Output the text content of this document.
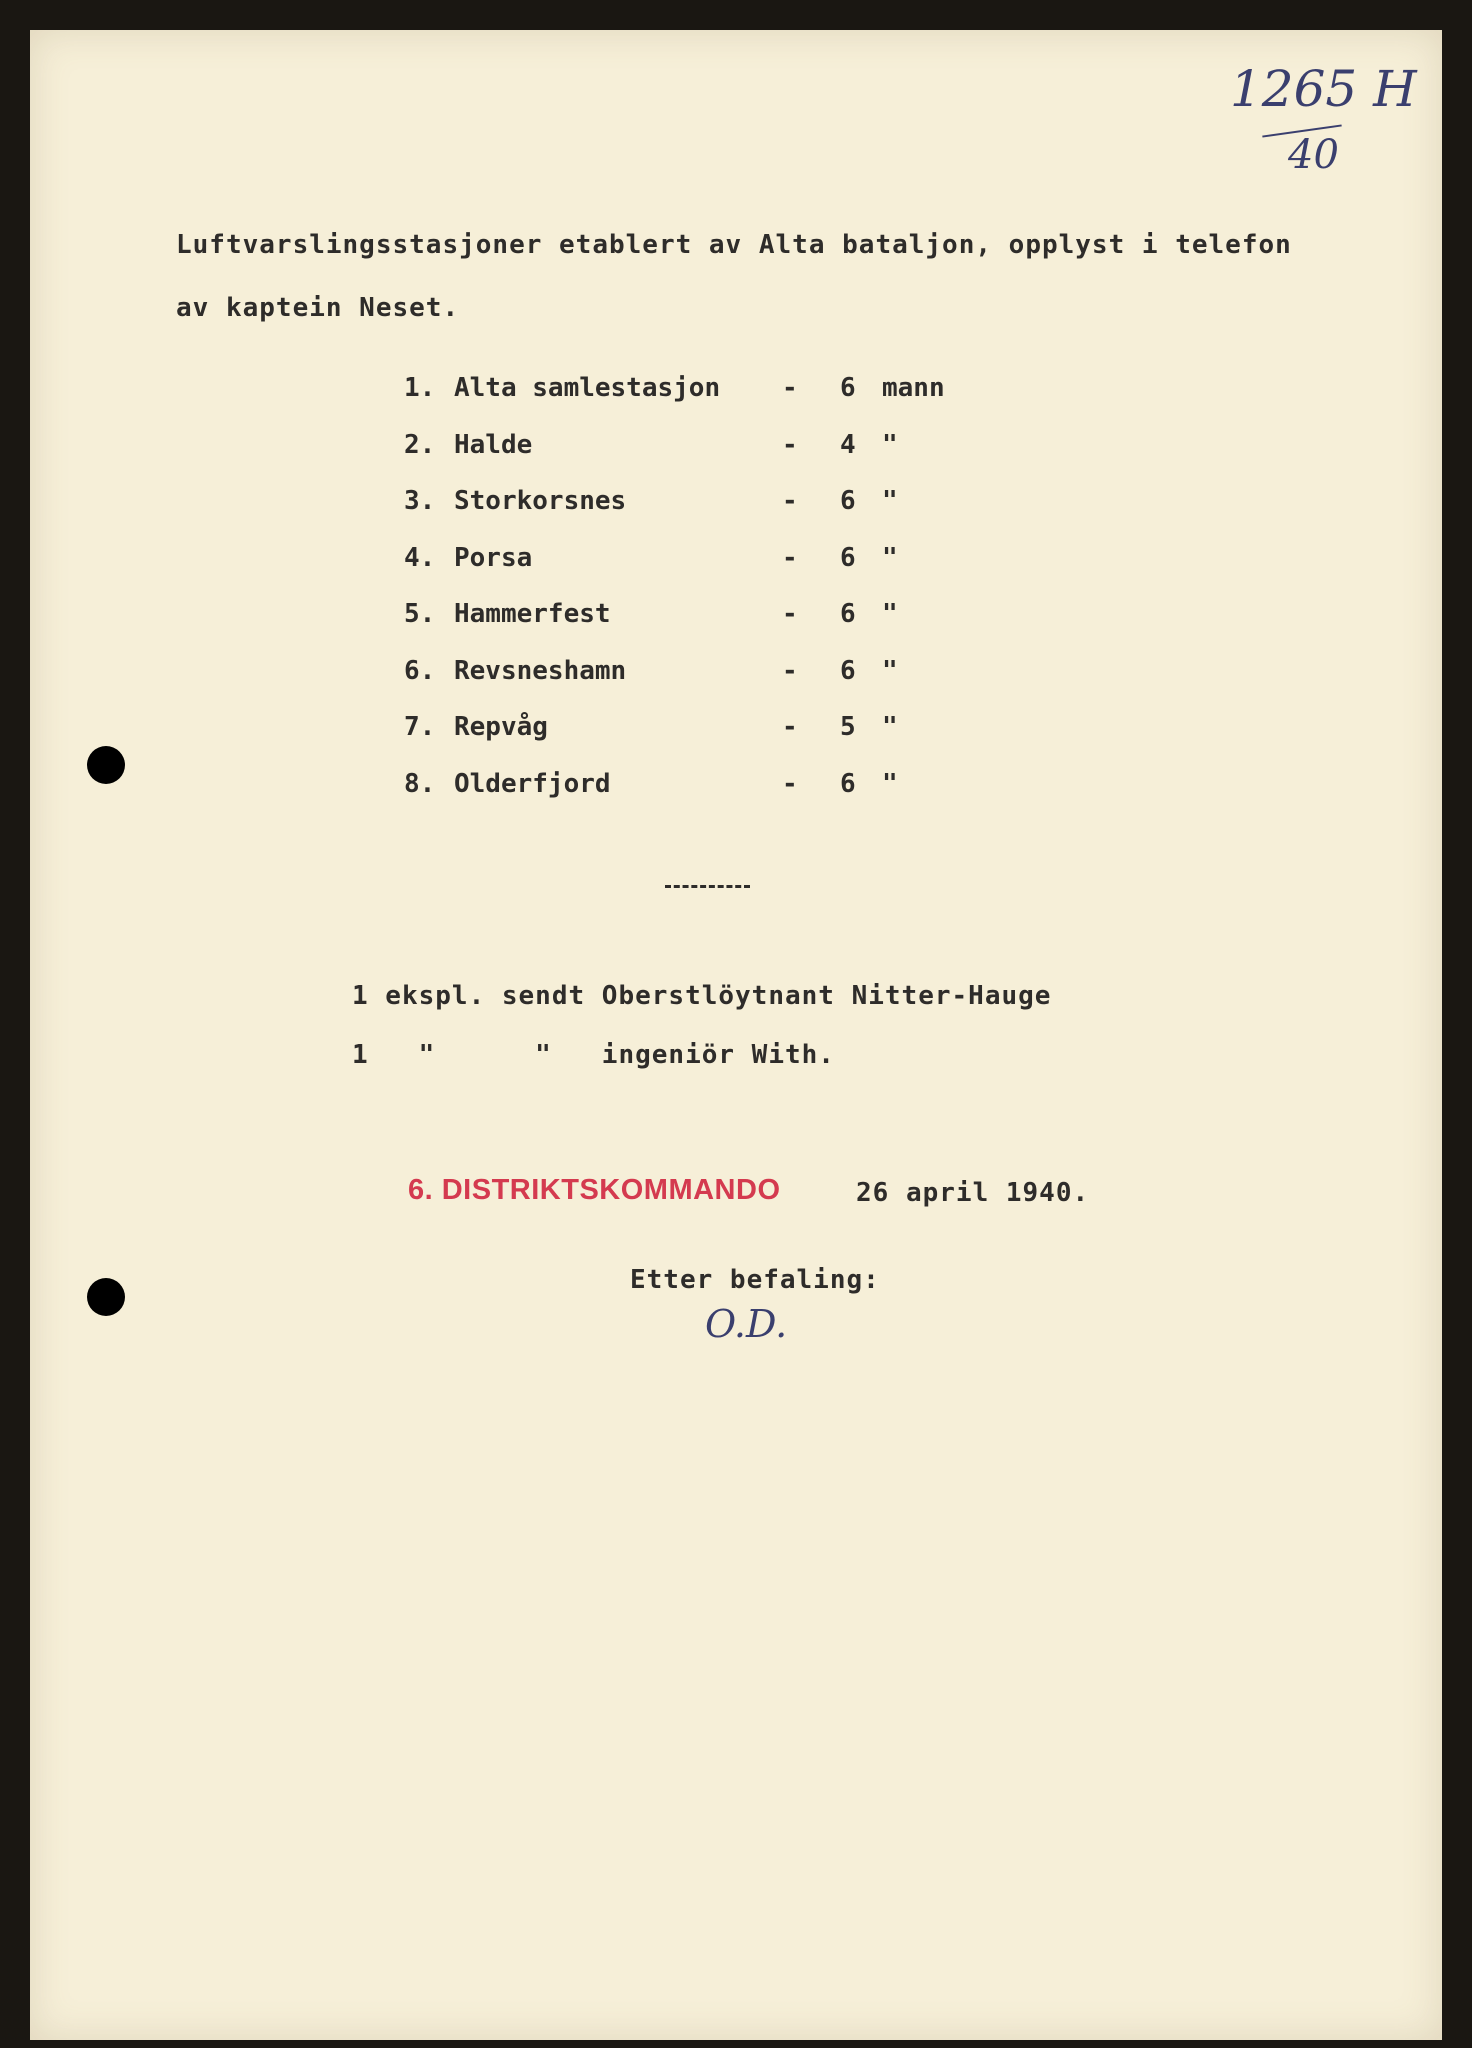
1265 H
40
Luftvarslingsstasjoner etablert av Alta bataljon, opplyst i telefon
av kaptein Neset.
1. Alta samlestasjon - 6 mann
2. Halde	- 4 "
3. Storkorsnes	- 6 "
4. Porsa	- 6 "
5. Hammerfest	- 6 "
6. Revsneshamn	- 6 "
7. Repvåg	- 5 "
8. Olderfjord	- 6 "
1 ekspl. sendt Oberstlöytnant Nitter-Hauge
1   "      "   ingeniör With.
6. DISTRIKTSKOMMANDO	26 april 1940.
Etter befaling:
O.D.
